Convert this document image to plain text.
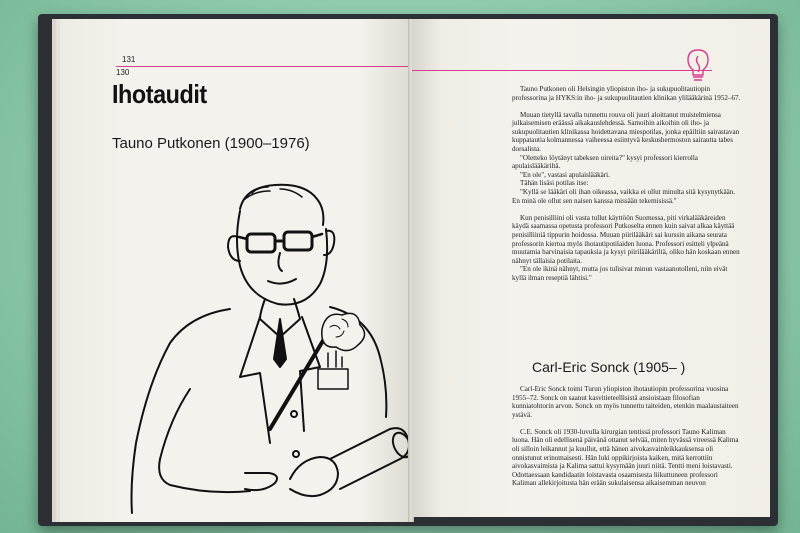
131
130
Ihotaudit
Tauno Putkonen (1900–1976)

Tauno Putkonen oli Helsingin yliopiston iho- ja sukupuolitautiopin professorina ja HYKS:in iho- ja sukupuolitautien klinikan ylilääkärinä 1952–67.

Muuan tietyllä tavalla tunnettu rouva oli juuri aloittanut muistelmiensa julkaisemisen eräässä aikakauslehdessä. Samoihin aikoihin oli iho- ja sukupuolitautien klinikassa hoidettavana miespotilas, jonka epäiltiin sairastavan kuppatautia kolmannessa vaiheessa esiintyvä keskushermoston sairautta tabes dorsalista.

"Oletteko löytänyt tabeksen oireita?" kysyi professori kierrolla apulaislääkäriltä.

"En ole", vastasi apulaislääkäri.

Tähän lisäsi potilas itse:

"Kyllä se lääkäri oli ihan oikeassa, vaikka ei ollut minulta sitä kysynytkään. En minä ole ollut sen naisen kanssa missään tekemisissä."

Kun penisilliini oli vasta tullut käyttöön Suomessa, piti virkalääkäreiden käydä saamassa opetusta professori Putkoselta ennen kuin saivat alkaa käyttää penisilliiniä tippurin hoidossa. Muuan piirilääkäri sai kurssin aikana seurata professorin kiertoa myös ihotautipotilaiden luona. Professori esitteli ylpeänä muutamia harvinaisia tapauksia ja kysyi piirilääkäriltä, oliko hän koskaan ennen nähnyt tällaisia potilaita.

"En ole ikinä nähnyt, mutta jos tulisivat minun vastaanotolleni, niin eivät kyllä ilman reseptiä lähtisi."

Carl-Eric Sonck (1905– )

Carl-Eric Sonck toimi Turun yliopiston ihotautiopin professorina vuosina 1955–72. Sonck on saanut kasvitieteellisistä ansioistaan filosofian kunniatohtorin arvon. Sonck on myös tunnettu taiteiden, etenkin maalaustaiteen ystävä.

C.E. Sonck oli 1930-luvulla kirurgian tentissä professori Tauno Kaliman luona. Hän oli edellisenä päivänä ottanut selvää, miten hyvässä vireessä Kalima oli silloin leikannut ja kuullut, että hänen aivokasvainleikkauksensa oli onnistunut erinomaisesti. Hän luki oppikirjoista kaiken, mitä kerrottiin aivokasvaimista ja Kalima sattui kysymään juuri niitä. Tentti meni loistavasti. Odottaessaan kandidaatin loistavasta osaamisesta liikuttuneen professori Kaliman allekirjoitusta hän erään sukulaisensa aikaisemman neuvon
